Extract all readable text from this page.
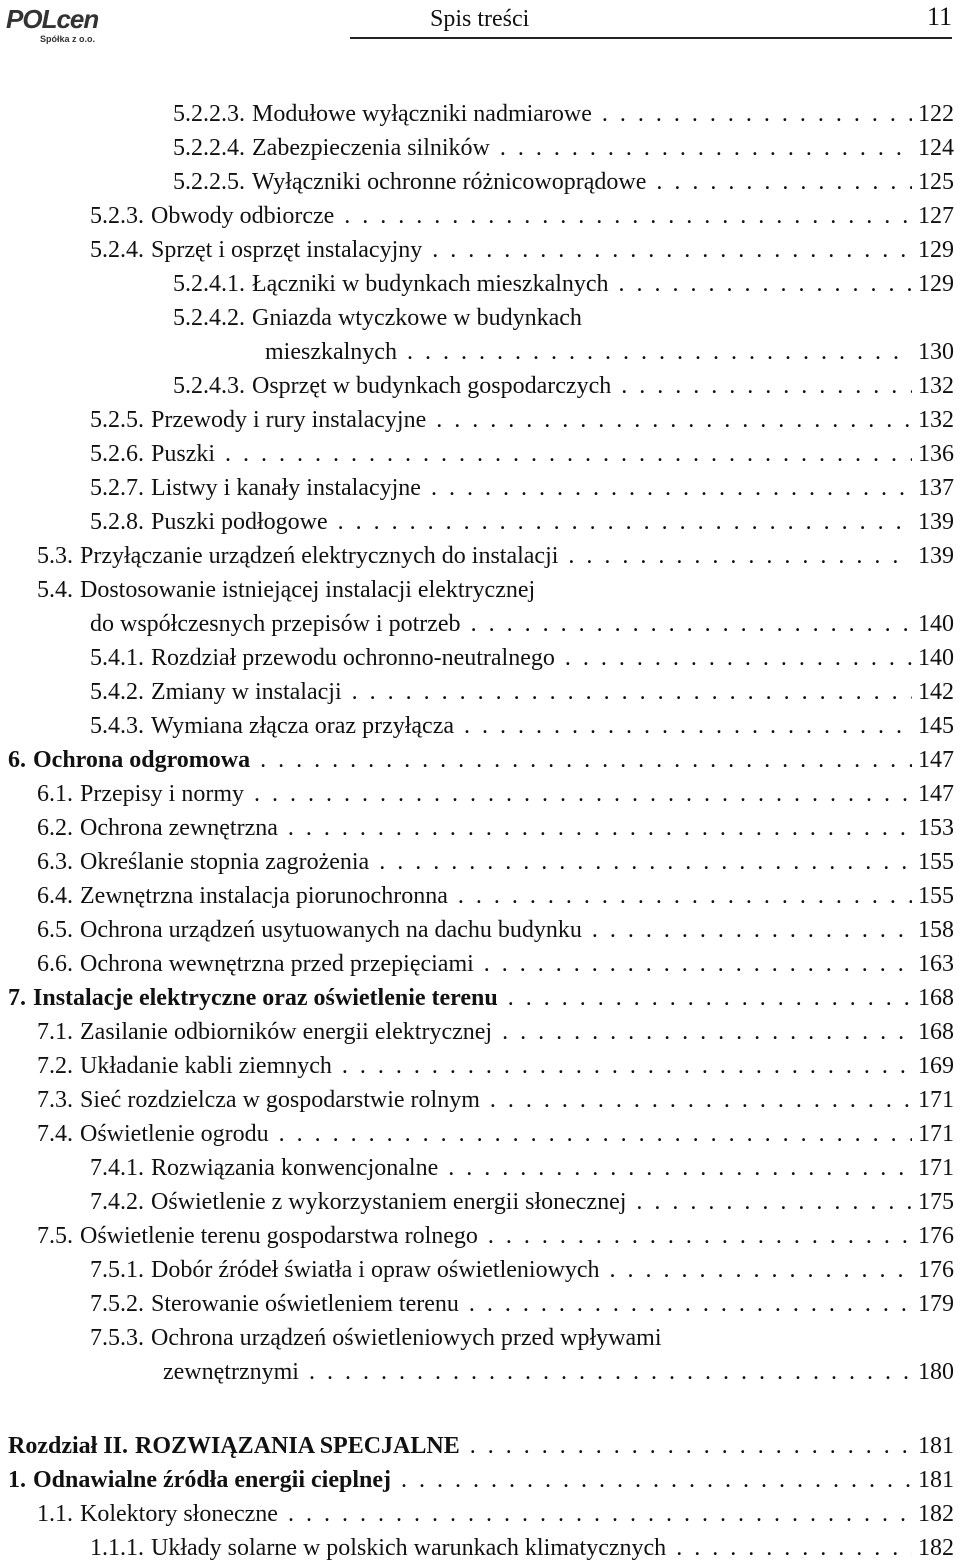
POLcen
Spółka z o.o.
Spis treści	11
5.2.2.3. Modułowe wyłączniki nadmiarowe . . .	122
5.2.2.4. Zabezpieczenia silników . . .	124
5.2.2.5. Wyłączniki ochronne różnicowoprądowe . . .	125
5.2.3. Obwody odbiorcze . . .	127
5.2.4. Sprzęt i osprzęt instalacyjny . . .	129
5.2.4.1. Łączniki w budynkach mieszkalnych . . .	129
5.2.4.2. Gniazda wtyczkowe w budynkach
mieszkalnych . . .	130
5.2.4.3. Osprzęt w budynkach gospodarczych . . .	132
5.2.5. Przewody i rury instalacyjne . . .	132
5.2.6. Puszki . . .	136
5.2.7. Listwy i kanały instalacyjne . . .	137
5.2.8. Puszki podłogowe . . .	139
5.3. Przyłączanie urządzeń elektrycznych do instalacji . . .	139
5.4. Dostosowanie istniejącej instalacji elektrycznej
do współczesnych przepisów i potrzeb . . .	140
5.4.1. Rozdział przewodu ochronno-neutralnego . . .	140
5.4.2. Zmiany w instalacji . . .	142
5.4.3. Wymiana złącza oraz przyłącza . . .	145
6. Ochrona odgromowa . . .	147
6.1. Przepisy i normy . . .	147
6.2. Ochrona zewnętrzna . . .	153
6.3. Określanie stopnia zagrożenia . . .	155
6.4. Zewnętrzna instalacja piorunochronna . . .	155
6.5. Ochrona urządzeń usytuowanych na dachu budynku . . .	158
6.6. Ochrona wewnętrzna przed przepięciami . . .	163
7. Instalacje elektryczne oraz oświetlenie terenu . . .	168
7.1. Zasilanie odbiorników energii elektrycznej . . .	168
7.2. Układanie kabli ziemnych . . .	169
7.3. Sieć rozdzielcza w gospodarstwie rolnym . . .	171
7.4. Oświetlenie ogrodu . . .	171
7.4.1. Rozwiązania konwencjonalne . . .	171
7.4.2. Oświetlenie z wykorzystaniem energii słonecznej . . .	175
7.5. Oświetlenie terenu gospodarstwa rolnego . . .	176
7.5.1. Dobór źródeł światła i opraw oświetleniowych . . .	176
7.5.2. Sterowanie oświetleniem terenu . . .	179
7.5.3. Ochrona urządzeń oświetleniowych przed wpływami
zewnętrznymi . . .	180
Rozdział II. ROZWIĄZANIA SPECJALNE . . .	181
1. Odnawialne źródła energii cieplnej . . .	181
1.1. Kolektory słoneczne . . .	182
1.1.1. Układy solarne w polskich warunkach klimatycznych . . .	182
